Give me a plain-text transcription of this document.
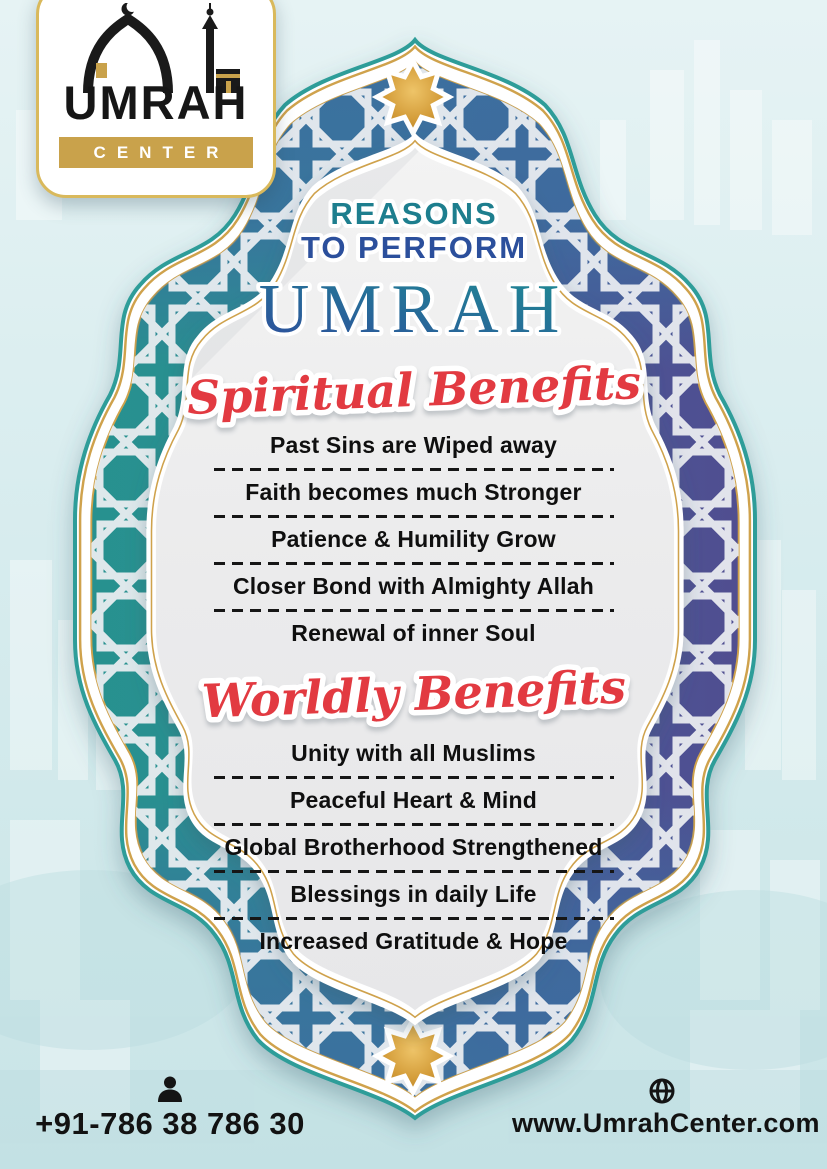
UMRAH
CENTER
REASONS
TO PERFORM
UMRAH
Spiritual Benefits
Past Sins are Wiped away
Faith becomes much Stronger
Patience & Humility Grow
Closer Bond with Almighty Allah
Renewal of inner Soul
Worldly Benefits
Unity with all Muslims
Peaceful Heart & Mind
Global Brotherhood Strengthened
Blessings in daily Life
Increased Gratitude & Hope
+91-786 38 786 30	www.UmrahCenter.com
